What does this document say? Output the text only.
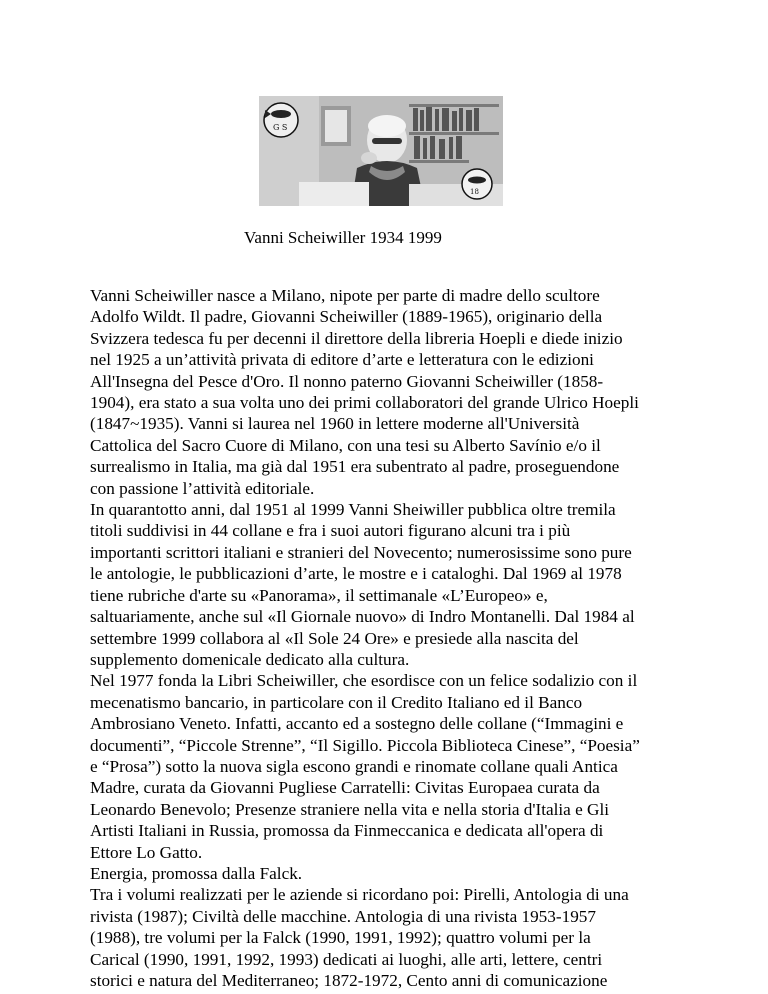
G S
18
Vanni Scheiwiller 1934 1999

Vanni Scheiwiller nasce a Milano, nipote per parte di madre dello scultore
Adolfo Wildt. Il padre, Giovanni Scheiwiller (1889-1965), originario della
Svizzera tedesca fu per decenni il direttore della libreria Hoepli e diede inizio
nel 1925 a un’attività privata di editore d’arte e letteratura con le edizioni
All'Insegna del Pesce d'Oro. Il nonno paterno Giovanni Scheiwiller (1858-
1904), era stato a sua volta uno dei primi collaboratori del grande Ulrico Hoepli
(1847~1935). Vanni si laurea nel 1960 in lettere moderne all'Università
Cattolica del Sacro Cuore di Milano, con una tesi su Alberto Savínio e/o il
surrealismo in Italia, ma già dal 1951 era subentrato al padre, proseguendone
con passione l’attività editoriale.

In quarantotto anni, dal 1951 al 1999 Vanni Sheiwiller pubblica oltre tremila
titoli suddivisi in 44 collane e fra i suoi autori figurano alcuni tra i più
importanti scrittori italiani e stranieri del Novecento; numerosissime sono pure
le antologie, le pubblicazioni d’arte, le mostre e i cataloghi. Dal 1969 al 1978
tiene rubriche d'arte su «Panorama», il settimanale «L’Europeo» e,
saltuariamente, anche sul «Il Giornale nuovo» di Indro Montanelli. Dal 1984 al
settembre 1999 collabora al «Il Sole 24 Ore» e presiede alla nascita del
supplemento domenicale dedicato alla cultura.

Nel 1977 fonda la Libri Scheiwiller, che esordisce con un felice sodalizio con il
mecenatismo bancario, in particolare con il Credito Italiano ed il Banco
Ambrosiano Veneto. Infatti, accanto ed a sostegno delle collane (“Immagini e
documenti”, “Piccole Strenne”, “Il Sigillo. Piccola Biblioteca Cinese”, “Poesia”
e “Prosa”) sotto la nuova sigla escono grandi e rinomate collane quali Antica
Madre, curata da Giovanni Pugliese Carratelli: Civitas Europaea curata da
Leonardo Benevolo; Presenze straniere nella vita e nella storia d'Italia e Gli
Artisti Italiani in Russia, promossa da Finmeccanica e dedicata all'opera di
Ettore Lo Gatto.

Energia, promossa dalla Falck.

Tra i volumi realizzati per le aziende si ricordano poi: Pirelli, Antologia di una
rivista (1987); Civiltà delle macchine. Antologia di una rivista 1953-1957
(1988), tre volumi per la Falck (1990, 1991, 1992); quattro volumi per la
Carical (1990, 1991, 1992, 1993) dedicati ai luoghi, alle arti, lettere, centri
storici e natura del Mediterraneo; 1872-1972, Cento anni di comunicazione
